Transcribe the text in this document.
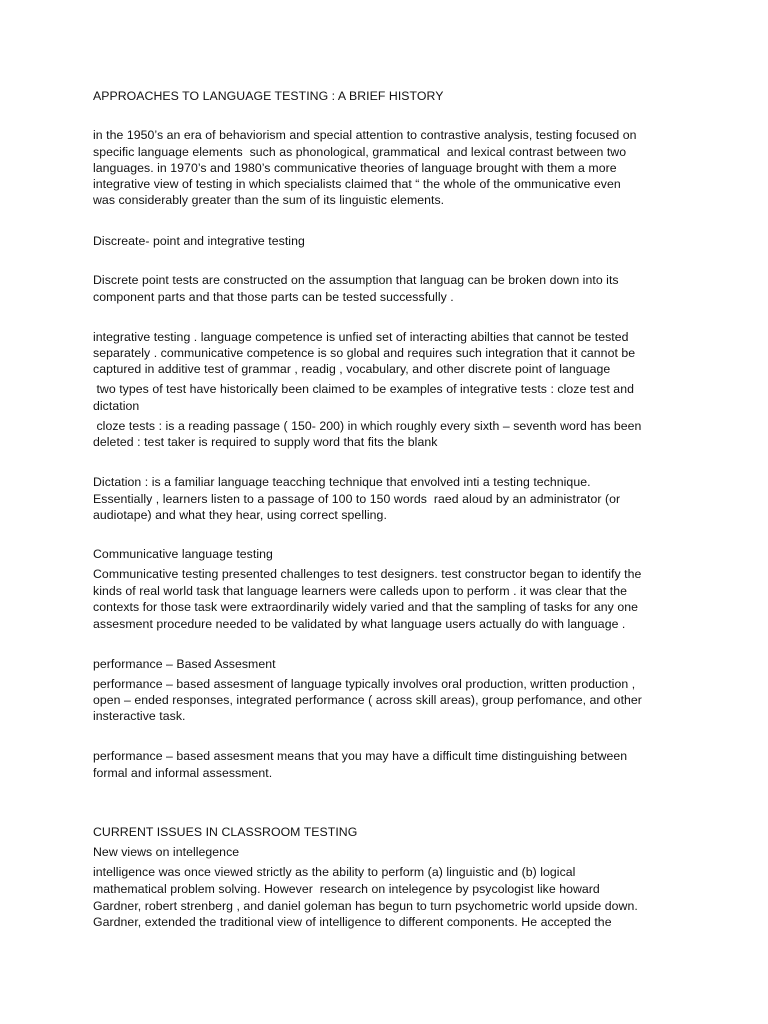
APPROACHES TO LANGUAGE TESTING : A BRIEF HISTORY
in the 1950’s an era of behaviorism and special attention to contrastive analysis, testing focused on
specific language elements  such as phonological, grammatical  and lexical contrast between two
languages. in 1970’s and 1980’s communicative theories of language brought with them a more
integrative view of testing in which specialists claimed that “ the whole of the ommunicative even
was considerably greater than the sum of its linguistic elements.
Discreate- point and integrative testing
Discrete point tests are constructed on the assumption that languag can be broken down into its
component parts and that those parts can be tested successfully .
integrative testing . language competence is unfied set of interacting abilties that cannot be tested
separately . communicative competence is so global and requires such integration that it cannot be
captured in additive test of grammar , readig , vocabulary, and other discrete point of language
two types of test have historically been claimed to be examples of integrative tests : cloze test and
dictation
cloze tests : is a reading passage ( 150- 200) in which roughly every sixth – seventh word has been
deleted : test taker is required to supply word that fits the blank
Dictation : is a familiar language teacching technique that envolved inti a testing technique.
Essentially , learners listen to a passage of 100 to 150 words  raed aloud by an administrator (or
audiotape) and what they hear, using correct spelling.
Communicative language testing
Communicative testing presented challenges to test designers. test constructor began to identify the
kinds of real world task that language learners were calleds upon to perform . it was clear that the
contexts for those task were extraordinarily widely varied and that the sampling of tasks for any one
assesment procedure needed to be validated by what language users actually do with language .
performance – Based Assesment
performance – based assesment of language typically involves oral production, written production ,
open – ended responses, integrated performance ( across skill areas), group perfomance, and other
insteractive task.
performance – based assesment means that you may have a difficult time distinguishing between
formal and informal assessment.
CURRENT ISSUES IN CLASSROOM TESTING
New views on intellegence
intelligence was once viewed strictly as the ability to perform (a) linguistic and (b) logical
mathematical problem solving. However  research on intelegence by psycologist like howard
Gardner, robert strenberg , and daniel goleman has begun to turn psychometric world upside down.
Gardner, extended the traditional view of intelligence to different components. He accepted the
